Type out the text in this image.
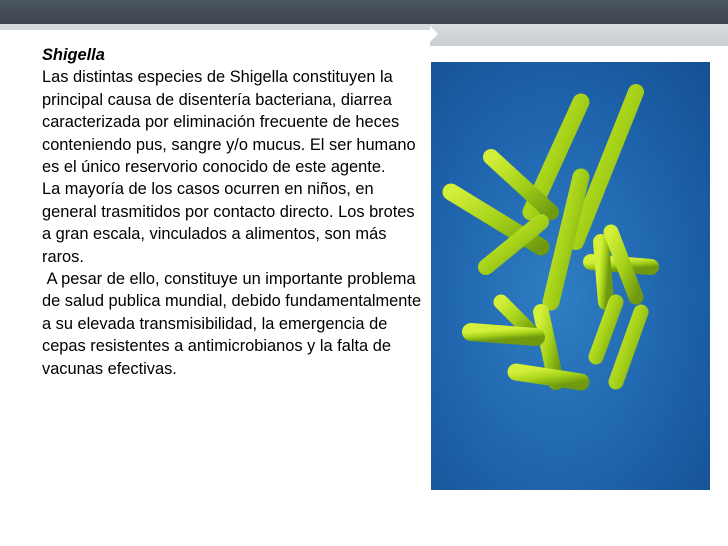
Shigella

Las distintas especies de Shigella constituyen la principal causa de disentería bacteriana, diarrea caracterizada por eliminación frecuente de heces conteniendo pus, sangre y/o mucus. El ser humano es el único reservorio conocido de este agente.

La mayoría de los casos ocurren en niños, en general trasmitidos por contacto directo. Los brotes a gran escala, vinculados a alimentos, son más raros.

A pesar de ello, constituye un importante problema de salud publica mundial, debido fundamentalmente a su elevada transmisibilidad, la emergencia de cepas resistentes a antimicrobianos y la falta de vacunas efectivas.
